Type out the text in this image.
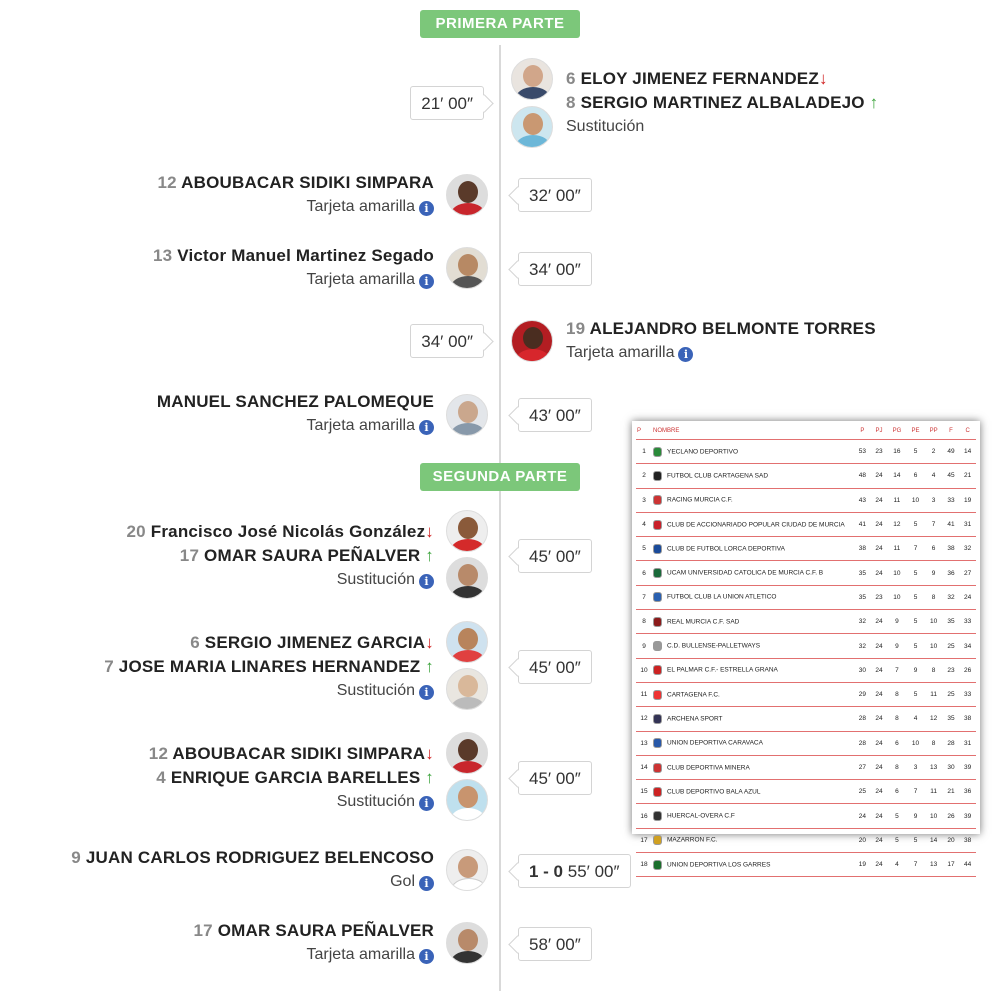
PRIMERA PARTE
SEGUNDA PARTE
21′ 00″
6 ELOY JIMENEZ FERNANDEZ↓
8 SERGIO MARTINEZ ALBALADEJO ↑
Sustitución
32′ 00″
12 ABOUBACAR SIDIKI SIMPARA
Tarjeta amarilla i
34′ 00″
13 Victor Manuel Martinez Segado
Tarjeta amarilla i
34′ 00″
19 ALEJANDRO BELMONTE TORRES
Tarjeta amarilla i
43′ 00″
MANUEL SANCHEZ PALOMEQUE
Tarjeta amarilla i
45′ 00″
20 Francisco José Nicolás González↓
17 OMAR SAURA PEÑALVER ↑
Sustitución i
45′ 00″
6 SERGIO JIMENEZ GARCIA↓
7 JOSE MARIA LINARES HERNANDEZ ↑
Sustitución i
45′ 00″
12 ABOUBACAR SIDIKI SIMPARA↓
4 ENRIQUE GARCIA BARELLES ↑
Sustitución i
1 - 0 55′ 00″
9 JUAN CARLOS RODRIGUEZ BELENCOSO
Gol i
58′ 00″
17 OMAR SAURA PEÑALVER
Tarjeta amarilla i
P	NOMBRE	P	PJ	PG	PE	PP	F	C
1	YECLANO DEPORTIVO	53	23	16	5	2	49	14
2	FUTBOL CLUB CARTAGENA SAD	48	24	14	6	4	45	21
3	RACING MURCIA C.F.	43	24	11	10	3	33	19
4	CLUB DE ACCIONARIADO POPULAR CIUDAD DE MURCIA	41	24	12	5	7	41	31
5	CLUB DE FUTBOL LORCA DEPORTIVA	38	24	11	7	6	38	32
6	UCAM UNIVERSIDAD CATOLICA DE MURCIA C.F. B	35	24	10	5	9	36	27
7	FUTBOL CLUB LA UNION ATLETICO	35	23	10	5	8	32	24
8	REAL MURCIA C.F. SAD	32	24	9	5	10	35	33
9	C.D. BULLENSE-PALLETWAYS	32	24	9	5	10	25	34
10	EL PALMAR C.F.- ESTRELLA GRANA	30	24	7	9	8	23	26
11	CARTAGENA F.C.	29	24	8	5	11	25	33
12	ARCHENA SPORT	28	24	8	4	12	35	38
13	UNION DEPORTIVA CARAVACA	28	24	6	10	8	28	31
14	CLUB DEPORTIVA MINERA	27	24	8	3	13	30	39
15	CLUB DEPORTIVO BALA AZUL	25	24	6	7	11	21	36
16	HUERCAL-OVERA C.F	24	24	5	9	10	26	39
17	MAZARRON F.C.	20	24	5	5	14	20	38
18	UNION DEPORTIVA LOS GARRES	19	24	4	7	13	17	44
